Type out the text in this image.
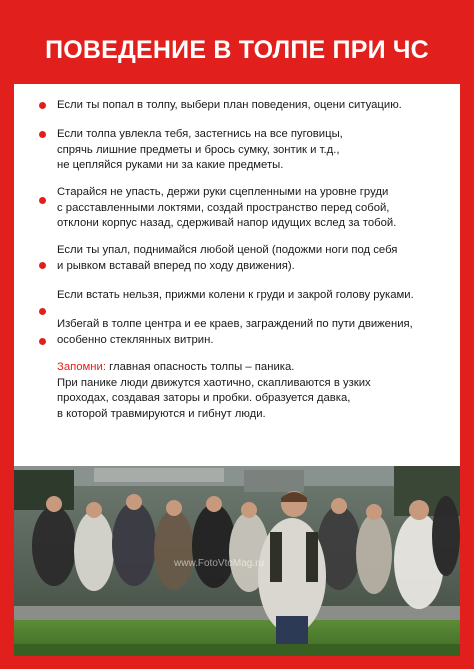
ПОВЕДЕНИЕ В ТОЛПЕ ПРИ ЧС
Если ты попал в толпу, выбери план поведения, оцени ситуацию.
Если толпа увлекла тебя, застегнись на все пуговицы,
спрячь лишние предметы и брось сумку, зонтик и т.д.,
не цепляйся руками ни за какие предметы.
Старайся не упасть, держи руки сцепленными на уровне груди
с расставленными локтями, создай пространство перед собой,
отклони корпус назад, сдерживай напор идущих вслед за тобой.
Если ты упал, поднимайся любой ценой (подожми ноги под себя
и рывком вставай вперед по ходу движения).
Если встать нельзя, прижми колени к груди и закрой голову руками.
Избегай в толпе центра и ее краев, заграждений по пути движения,
особенно стеклянных витрин.
Запомни: главная опасность толпы – паника.
При панике люди движутся хаотично, скапливаются в узких
проходах, создавая заторы и пробки. образуется давка,
в которой травмируются и гибнут люди.
www.FotoVtoMag.ru
